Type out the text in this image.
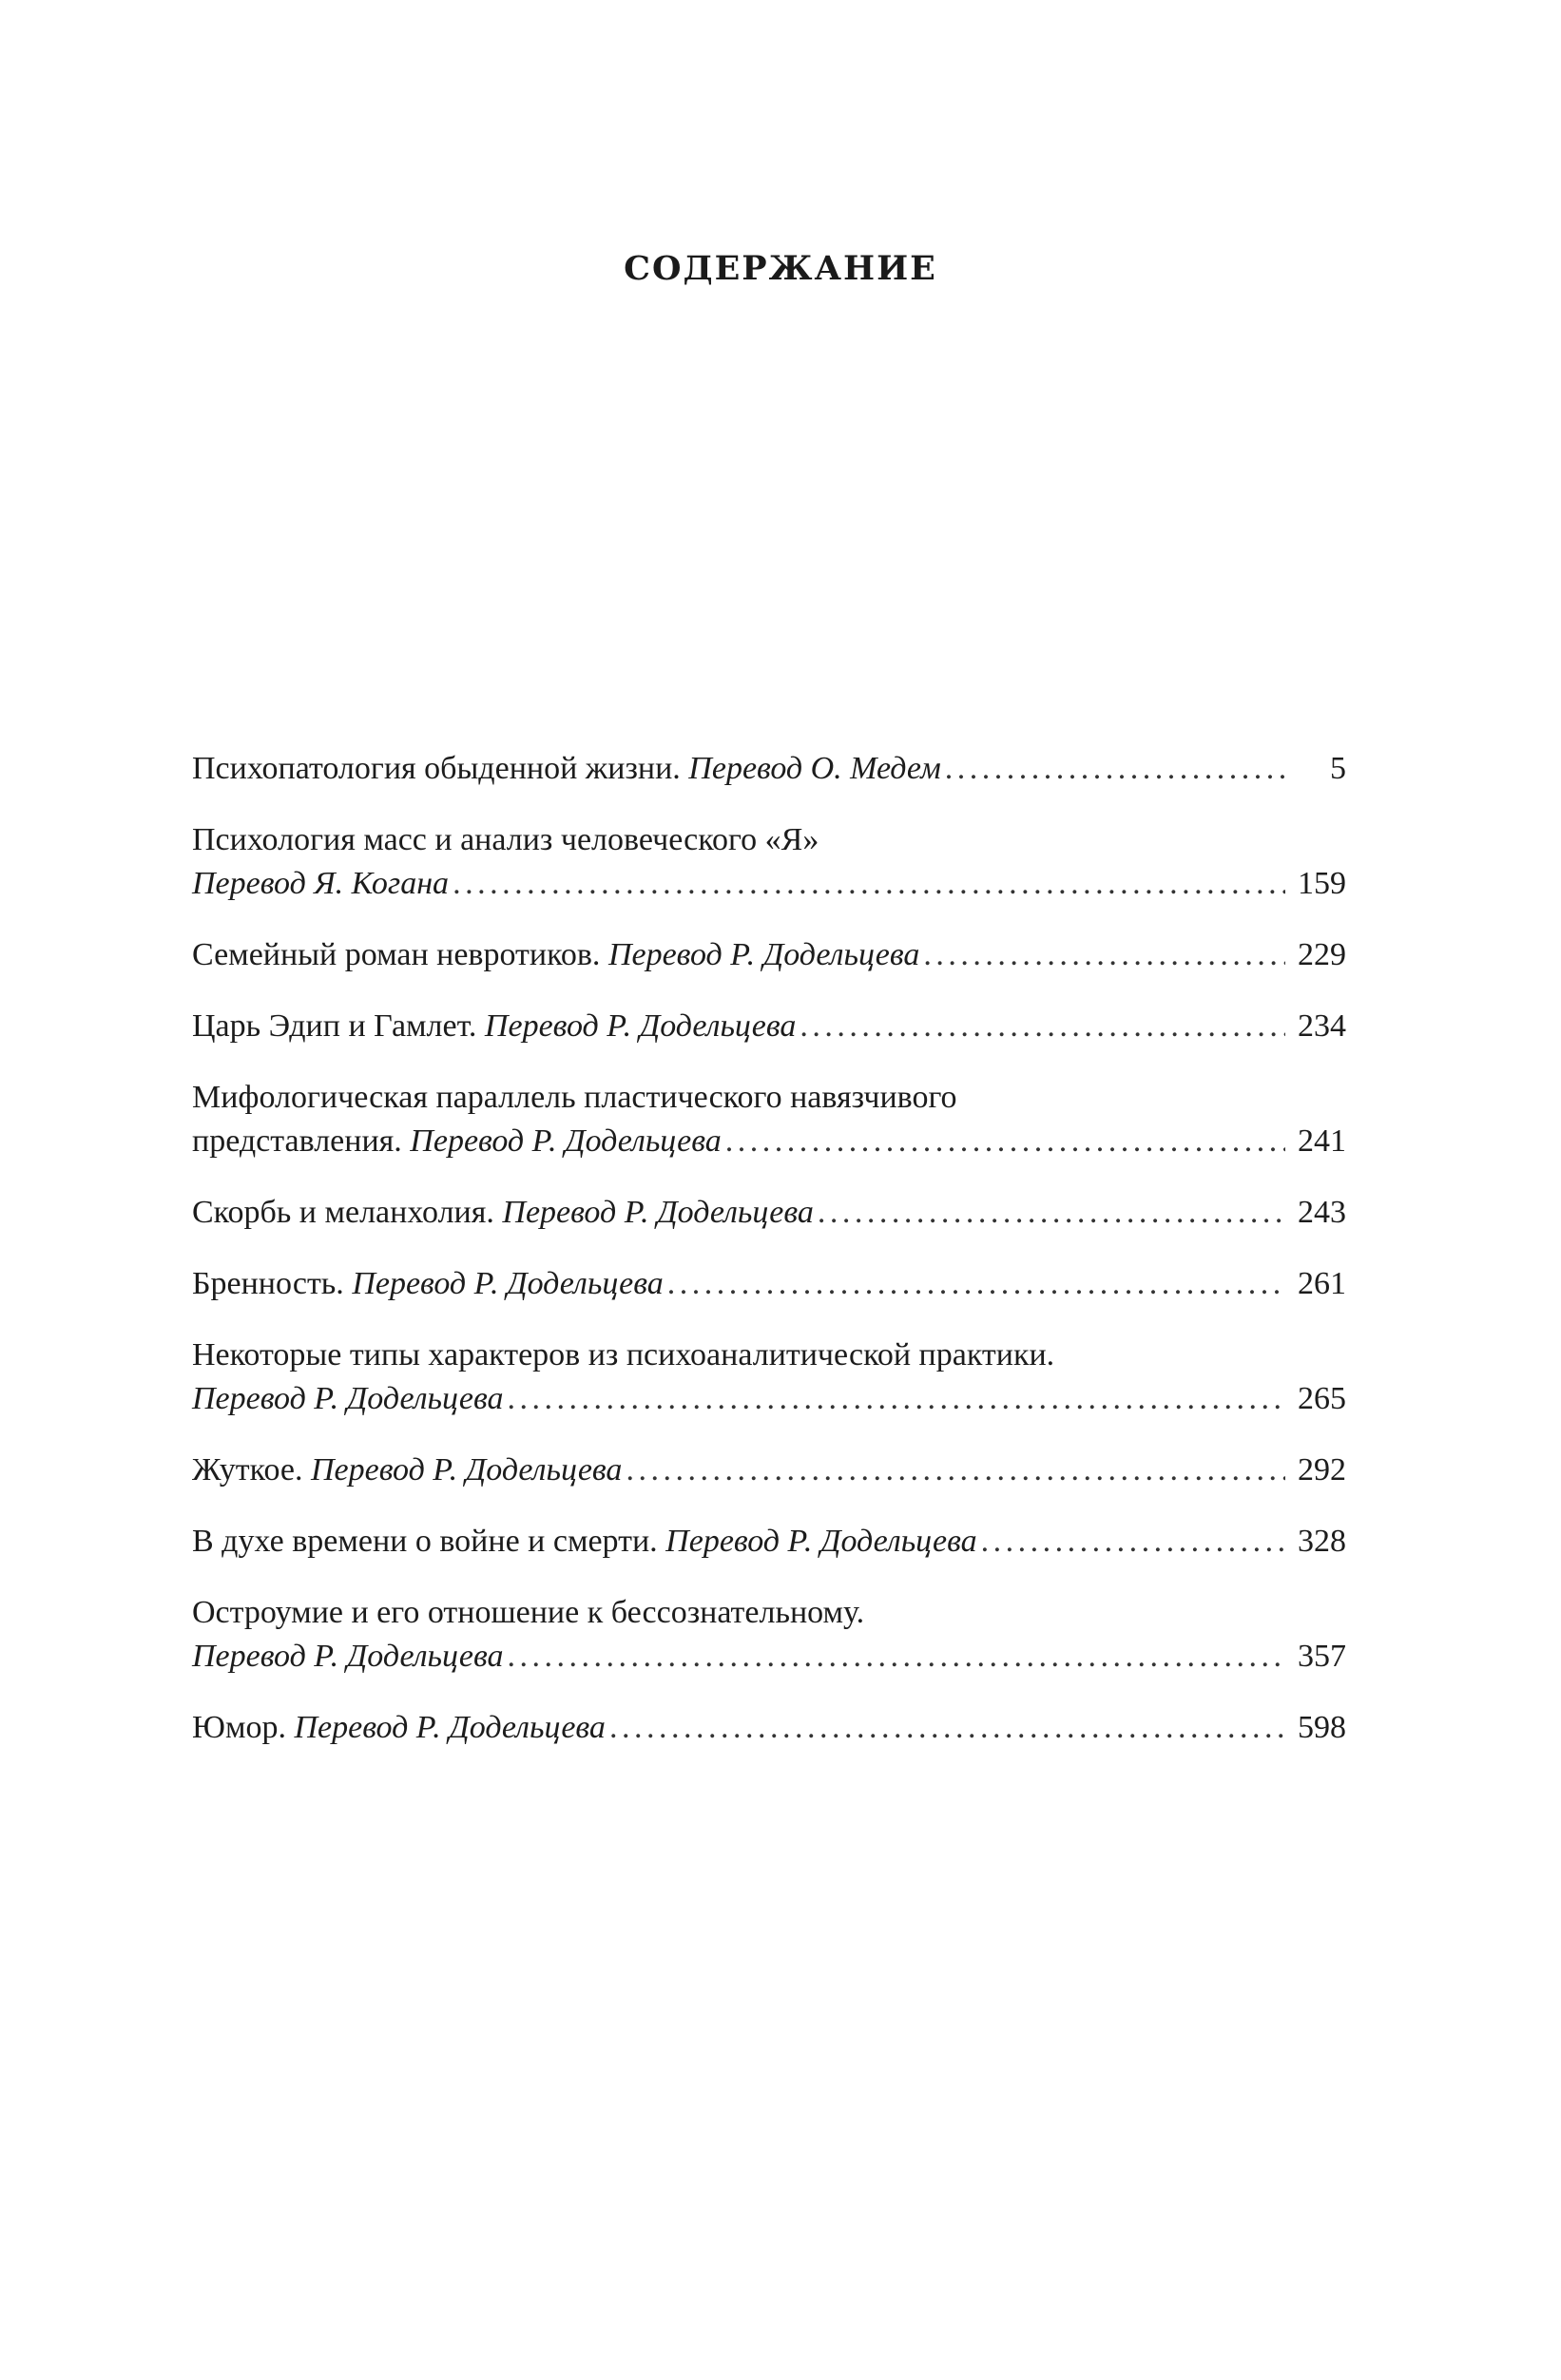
СОДЕРЖАНИЕ
Психопатология обыденной жизни.
Перевод О. Медем . . .	5
Психология масс и анализ человеческого «Я»
Перевод Я. Когана . . .	159
Семейный роман невротиков.
Перевод Р. Додельцева . . .	229
Царь Эдип и Гамлет.
Перевод Р. Додельцева . . .	234
Мифологическая параллель пластического навязчивого
представления.
Перевод Р. Додельцева . . .	241
Скорбь и меланхолия.
Перевод Р. Додельцева . . .	243
Бренность.
Перевод Р. Додельцева . . .	261
Некоторые типы характеров из психоаналитической практики.
Перевод Р. Додельцева . . .	265
Жуткое.
Перевод Р. Додельцева . . .	292
В духе времени о войне и смерти.
Перевод Р. Додельцева . . .	328
Остроумие и его отношение к бессознательному.
Перевод Р. Додельцева . . .	357
Юмор.
Перевод Р. Додельцева . . .	598
